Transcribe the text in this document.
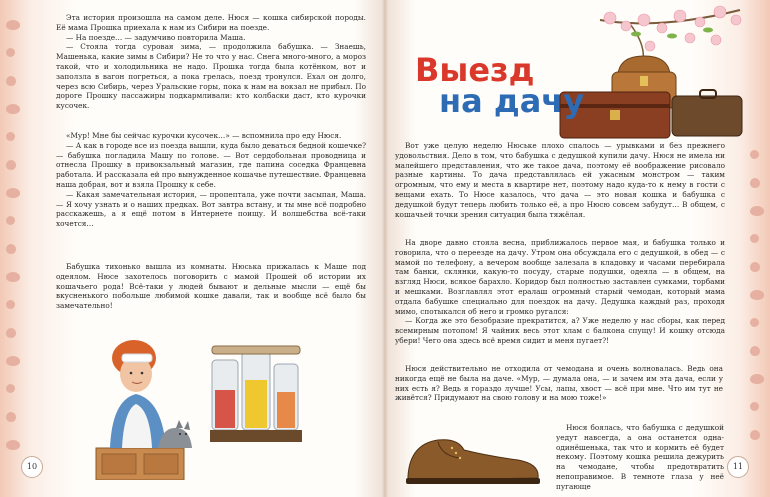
Эта история произошла на самом деле. Нюся — кошка сибирской породы. Её мама Прошка приехала к нам из Сибири на поезде.

— На поезде… — задумчиво повторила Маша.

— Стояла тогда суровая зима, — продолжила бабушка. — Знаешь, Машенька, какие зимы в Сибири? Не то что у нас. Снега много-много, а мороз такой, что и холодильника не надо. Прошка тогда была котёнком, вот и заползла в вагон погреться, а пока грелась, поезд тронулся. Ехал он долго, через всю Сибирь, через Уральские горы, пока к нам на вокзал не прибыл. По дороге Прошку пассажиры подкармливали: кто колбаски даст, кто курочки кусочек.

«Мур! Мне бы сейчас курочки кусочек…» — вспомнила про еду Нюся.

— А как в городе все из поезда вышли, куда было деваться бедной кошечке? — бабушка погладила Машу по голове. — Вот сердобольная проводница и отнесла Прошку в привокзальный магазин, где папина соседка Францевна работала. И рассказала ей про вынужденное кошачье путешествие. Францевна наша добрая, вот и взяла Прошку к себе.

— Какая замечательная история, — пропептала, уже почти засыпая, Маша. — Я хочу узнать и о наших предках. Вот завтра встану, и ты мне всё подробно расскажешь, а я ещё потом в Интернете поищу. И волшебства всё-таки хочется…

Бабушка тихонько вышла из комнаты. Нюська прижалась к Маше под одеялом. Нюсе захотелось поговорить с мамой Прошей об истории их кошачьего рода! Всё-таки у людей бывают и дельные мысли — ещё бы вкусненького побольше любимой кошке давали, так и вообще всё было бы замечательно!

10
Выезд
на дачу

Вот уже целую неделю Нюське плохо спалось — урывками и без прежнего удовольствия. Дело в том, что бабушка с дедушкой купили дачу. Нюся не имела ни малейшего представления, что же такое дача, поэтому её воображение рисовало разные картины. То дача представлялась ей ужасным монстром — таким огромным, что ему и места в квартире нет, поэтому надо куда-то к нему в гости с вещами ехать. То Нюсе казалось, что дача — это новая кошка и бабушка с дедушкой будут теперь любить только её, а про Нюсю совсем забудут… В общем, с кошачьей точки зрения ситуация была тяжёлая.

На дворе давно стояла весна, приближалось первое мая, и бабушка только и говорила, что о переезде на дачу. Утром она обсуждала его с дедушкой, в обед — с мамой по телефону, а вечером вообще залезала в кладовку и часами перебирала там банки, склянки, какую-то посуду, старые подушки, одеяла — в общем, на взгляд Нюси, всякое барахло. Коридор был полностью заставлен сумками, торбами и мешками. Возглавлял этот ералаш огромный старый чемодан, который мама отдала бабушке специально для поездок на дачу. Дедушка каждый раз, проходя мимо, спотыкался об него и громко ругался:

— Когда же это безобразие прекратится, а? Уже неделю у нас сборы, как перед всемирным потопом! Я чайник весь этот хлам с балкона спущу! И кошку отсюда убери! Чего она здесь всё время сидит и меня пугает?!

Нюся действительно не отходила от чемодана и очень волновалась. Ведь она никогда ещё не была на даче. «Мур, — думала она, — и зачем им эта дача, если у них есть я? Ведь я гораздо лучше! Усы, лапы, хвост — всё при мне. Что им тут не живётся? Придумают на свою голову и на мою тоже!»

Нюся боялась, что бабушка с дедушкой уедут навсегда, а она останется одна-одинёшенька, так что и кормить её будет некому. Поэтому кошка решила дежурить на чемодане, чтобы предотвратить непоправимое. В темноте глаза у неё пугающе

11
